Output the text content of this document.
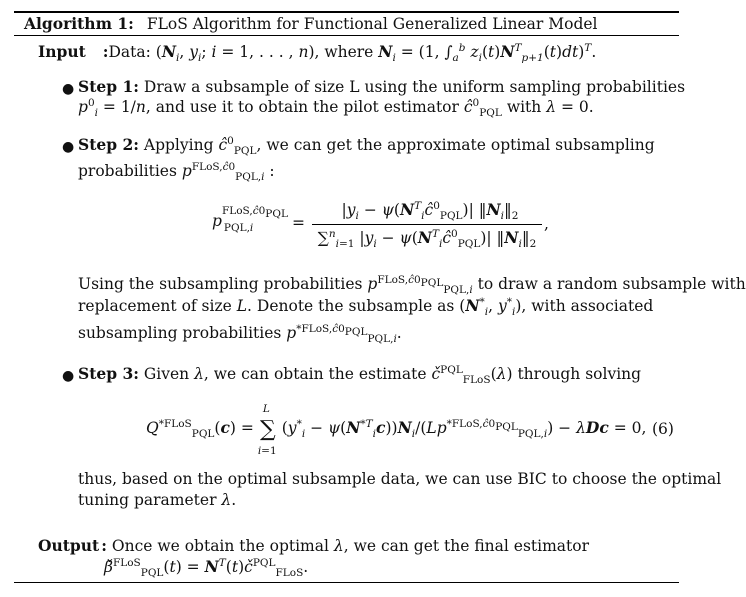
Algorithm 1: FLoS Algorithm for Functional Generalized Linear Model
Input :Data: ($N_i$, $y_i$; i = 1, . . . , n), where $N_i = (1$, $\int_a^b$ $z_i(t)N^T_{p+1}(t)dt)^T$.
● Step 1: Draw a subsample of size L using the uniform sampling probabilities
$p^0_i = 1/n$, and use it to obtain the pilot estimator $ĉ^0_{PQL}$ with λ = 0.
● Step 2: Applying $ĉ^0_{PQL}$, we can get the approximate optimal subsampling
probabilities $p^{FLoS,ĉ0}_{PQL,i}$ :
$p^{FLoS,ĉ0_{PQL}}_{PQL,i}$	=
$|y_i$ − $\psi(N^T_iĉ^0_{PQL})|$ $‖N_i‖_2$
∑$^n_{i=1}$ $|y_i$ − $\psi(N^T_iĉ^0_{PQL})|$ $‖N_i‖_2$
,
Using the subsampling probabilities $p^{FLoS,ĉ0_{PQL}}_{PQL,i}$ to draw a random subsample with
replacement of size L. Denote the subsample as ($N^*_i$, $y^*_i$), with associated
subsampling probabilities $p^{*FLoS,ĉ0_{PQL}}_{PQL,i}$.
● Step 3: Given λ, we can obtain the estimate $č^{PQL}_{FLoS}(\lambda)$ through solving
$Q^{*FLoS}_{PQL}(c)$ = ∑
L
i=1
$(y^*_i - \psi(N^{*T}_ic))N_i/(Lp^{*FLoS,ĉ0_{PQL}}_{PQL,i}) - \lambda Dc = 0$, (6)
thus, based on the optimal subsample data, we can use BIC to choose the optimal
tuning parameter λ.
Output : Once we obtain the optimal λ, we can get the final estimator
β̌$^{FLoS}_{PQL}$(t) = $N^T(t)č^{PQL}_{FLoS}$.
